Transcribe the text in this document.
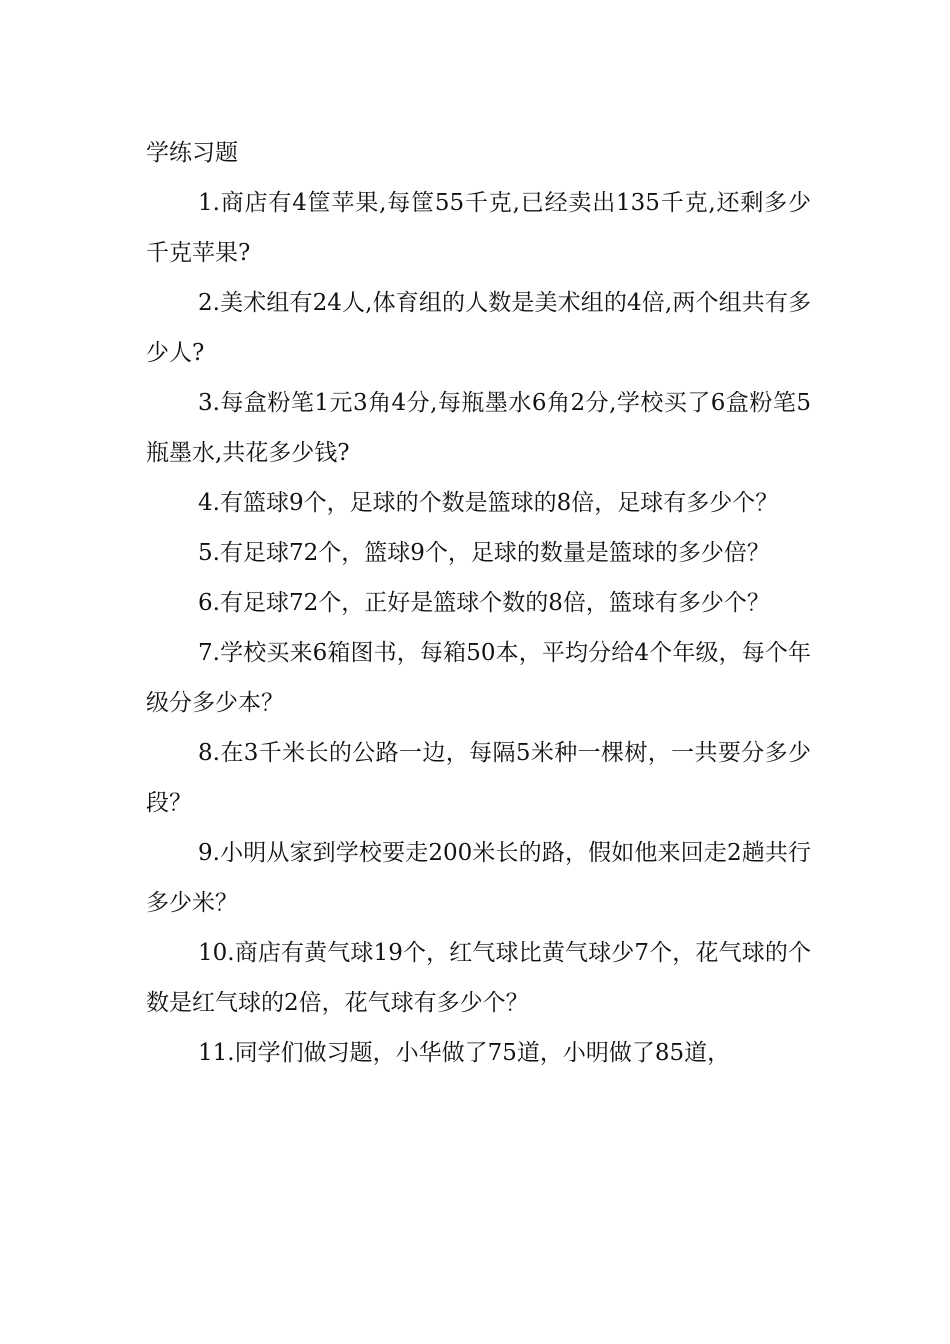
学练习题

1.商店有4筐苹果,每筐55千克,已经卖出135千克,还剩多少千克苹果?

2.美术组有24人,体育组的人数是美术组的4倍,两个组共有多少人?

3.每盒粉笔1元3角4分,每瓶墨水6角2分,学校买了6盒粉笔5瓶墨水,共花多少钱?

4.有篮球9个，足球的个数是篮球的8倍，足球有多少个？

5.有足球72个，篮球9个，足球的数量是篮球的多少倍？

6.有足球72个，正好是篮球个数的8倍，篮球有多少个？

7.学校买来6箱图书，每箱50本，平均分给4个年级，每个年级分多少本？

8.在3千米长的公路一边，每隔5米种一棵树，一共要分多少段？

9.小明从家到学校要走200米长的路，假如他来回走2趟共行多少米？

10.商店有黄气球19个，红气球比黄气球少7个，花气球的个数是红气球的2倍，花气球有多少个？

11.同学们做习题，小华做了75道，小明做了85道，
